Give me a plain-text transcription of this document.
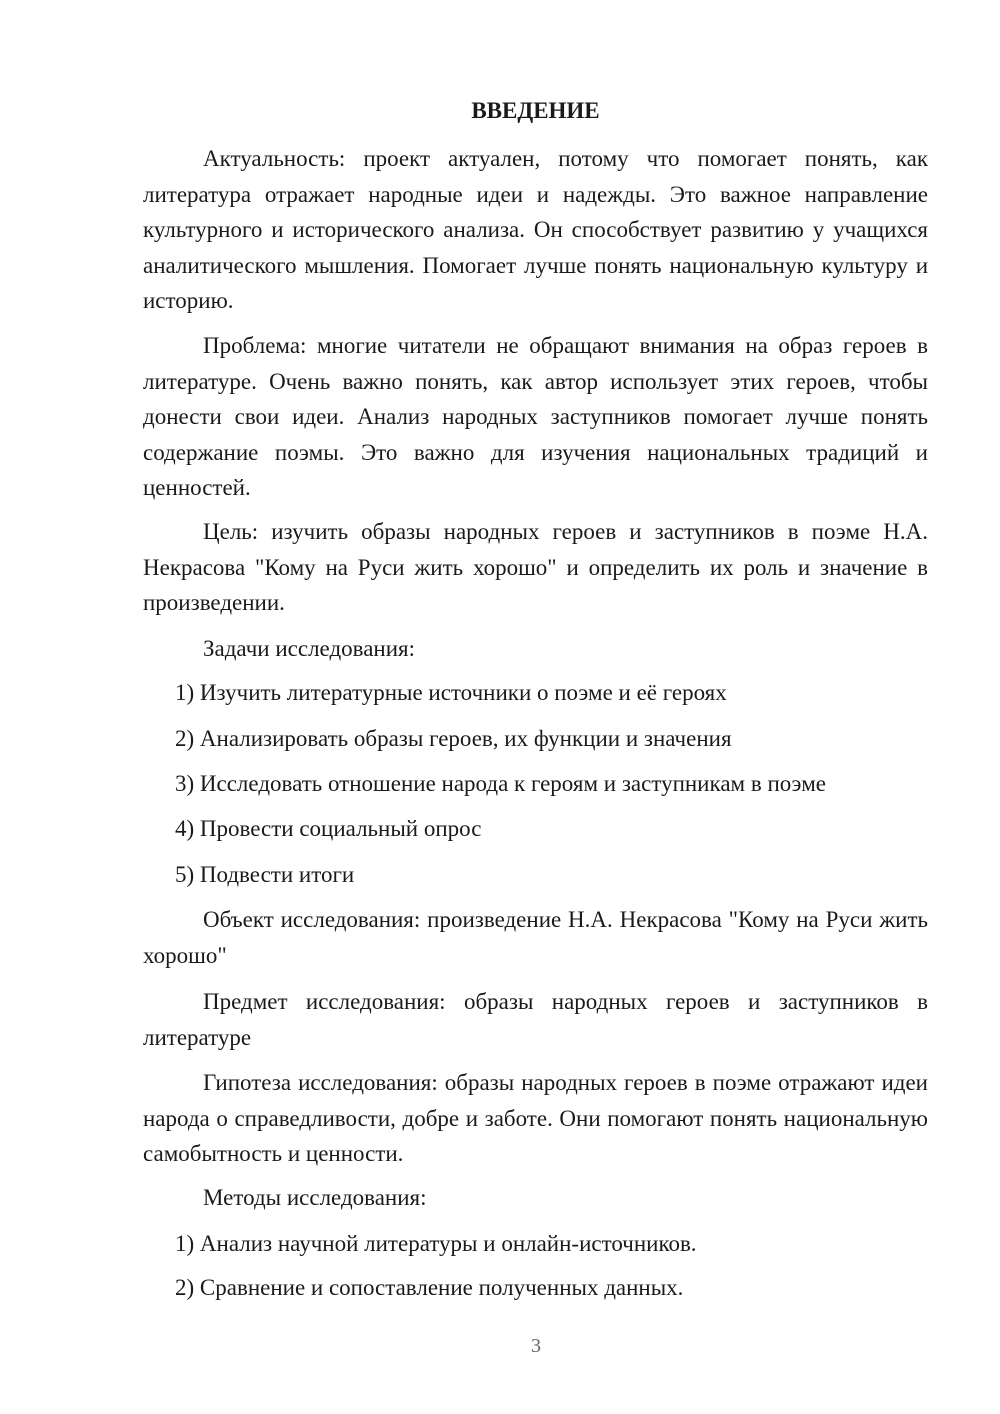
ВВЕДЕНИЕ

Актуальность: проект актуален, потому что помогает понять, как литература отражает народные идеи и надежды. Это важное направление культурного и исторического анализа. Он способствует развитию у учащихся аналитического мышления. Помогает лучше понять национальную культуру и историю.

Проблема: многие читатели не обращают внимания на образ героев в литературе. Очень важно понять, как автор использует этих героев, чтобы донести свои идеи. Анализ народных заступников помогает лучше понять содержание поэмы. Это важно для изучения национальных традиций и ценностей.

Цель: изучить образы народных героев и заступников в поэме Н.А. Некрасова "Кому на Руси жить хорошо" и определить их роль и значение в произведении.

Задачи исследования:

1) Изучить литературные источники о поэме и её героях

2) Анализировать образы героев, их функции и значения

3) Исследовать отношение народа к героям и заступникам в поэме

4) Провести социальный опрос

5) Подвести итоги

Объект исследования: произведение Н.А. Некрасова "Кому на Руси жить хорошо"

Предмет исследования: образы народных героев и заступников в литературе

Гипотеза исследования: образы народных героев в поэме отражают идеи народа о справедливости, добре и заботе. Они помогают понять национальную самобытность и ценности.

Методы исследования:

1) Анализ научной литературы и онлайн-источников.

2) Сравнение и сопоставление полученных данных.

3
